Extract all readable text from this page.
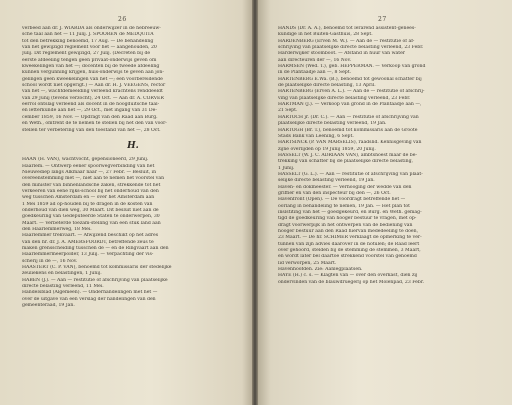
26
verbeed aan dr. J. WIARDA als onderwijzer in de hebreeuw-
sche taal aan het — 11 Julij. J. SPOOREN de MEDQUITA
tot den betrekking benoemd, 17 Aug. — De behandeling
van het gewijzigd reglement voor het — aangehouden, 20
Julij. Dit reglement gewijzigd, 27 Julij. (Decreten bij de
eerste afdeeling tengen geen privaat-onderwijs geven om
kweekelingen van het —; docenten bij de tweede afdeeling
kunnen vergunning krijgen, huis-onderwijs te geven aan jon-
gelingen geen kweekelingen van het —; een voorbereidende
school wordt niet opgerigt.) — Aan dr. H. J. VEEGENS, rector
van het —, wachtdemeelding verleend krachtens renddeeldt
van 29 Junij (tevens verzocht), 24 Oct. — Aan dr. A. CORVER
eerrol ontslag verleend als docent in de hoogduitsche taal-
en letterkunde aan het —, 29 Oct., met ingang van 31 De-
cember 1859, 16 Nov. — Opdragt van den Raad aan Burg.
en Weth., omtrent de te nemen te stellen bij het den van voor-
stellen ter verbetering van den toestand van het —, 28 Oct.
H.
HAAN (H. VAN), wachtvocht, gepensioneerd, 29 Junij.
Haarlem. — Ontwerp eener spoorwegverbinding van het
Nieuwediep langs Alkmaar naar —, 27 Febr. — Besluit, in
overeenstemming met —, niet aan te nemen het voorstel van
den minister van binnenlandsche zaken, strekkende tot het
verkeeren van eene rijks-school bij het onderhoud van den
weg tusschen Amsterdam en — over het Amsterdam aan
1 Mei 1859 ad op-houden bij te dragen in de kosten van
onderhoud van dien weg, 30 Maart. Dit besluit niet aan de
goedkeuring van Gedeputeerde Staten te onderwerpen, 30
Maart. — Verbeterde toezam-stelling van een stuk land aan
den Haarlemmerweg, 18 Mei.
Haarlemmer trekvaart. — Afwijzend beschikt op het adres
van den hr. dr. J. A. AMERSFOORDT, betreffende zeus te
maken grensscheiding tusschen de — en de Ringvaart aan den
Haarlemmermeerpolder, 13 Julij. — Verpachting der vis-
scherij in de —, 16 Nov.
HAASTERT (C. P. VAN), benoemd tot kommissaris der stedelijke
zeuliekens en belastingen, 1 Junij.
HABEN (J.). — Aan — restitutie of afschrijving van plaatselijke
directe belasting verleend, 11 Mei.
Handelsblad (Algemeen). — Onderhandelingen met het —
over de uitgave van een verslag der handelingen van den
gemeenteraad, 19 Jan.
27
HANDS (Dr. A. A.), benoemd tot lerarend assistent-genees-
kundige in het Buiten-Gasthuis, 28 Sept.
HARDENBERG (Erven M. W.). — Aan de — restitutie of af-
schrijving van plaatselijke directe belasting verleend, 23 Febr.
Harderwijker stoomboot. — Afstand in huur van water
aan directeuren der —, 16 Nov.
HARMSEN (Wed. T.), geb. HEPPERMAN. — Verkoop van grond
in de Plantaadje aan —, 8 Sept.
HARTENBERG E.Wa. (B.), benoemd tot gewoonal schatter bij
de plaatselijke directe belasting, 13 April.
HARTENBERG (Erven A. L.). — Aan de — restitutie of afschrij-
ving van plaatselijke directe belasting verleend, 23 Febr.
HARTMAN (J.). — Verkoop van grond in de Plantaadje aan —,
21 Sept.
HARTOCH jr. (Dr. C.). — Aan — restitutie of afschrijving van
plaatselijke directe belasting verleend, 19 Jan.
HARTOGH (Br. T.), benoemd tot kommissaris aan de Groote
Stads Bank van Leening, 6 Sept.
HARTSINCK (P. VAN MARSELIS), raadslid. Kennisgeving van
zijne overlijden op 19 Junij 1859, 20 Junij.
HASSELT (W. J. C. ADRIAAN VAN), ambtshoest maar de be-
trekking van schatter bij de plaatselijke directe belasting,
1 Junij.
HASSELT (G. L.). — Aan — restitutie of afschrijving van plaat-
selijke directe belasting verleend, 19 Jan.
Haven- en dokmeester. — Verhooging der wedde van den
griffier en van den inspecteur bij den —, 26 Oct.
Havenfront (Open). — De voordragt betreffende het —
oorlang in behandeling te nemen, 19 Jan. — Het plan tot
inslstiting van het — goedgekeurd, en Burg. en Weth. gemag-
tigd de goedkeuring van hooger bestuur te vragen, met op-
dragt voorwerpijk in het ontwerpen van de bediening van
hooger bestuur aan den Raad hiervan mededeeling te doen,
23 Maart. — De hr. SCHIMER verklaagt de opmerking te ver-
tunnen van zijn advies daarover in de notulen; de Raad leert
over gehoord, stelden bij de stemming de stemmen, 3 Maart,
en wordt later bel daartoe strekkend voorstel van genoemd
lid verworpen, 25 Maart.
Havenhoofden. Zie: Aanlegplaatsen.
HAYE (H.) c. s. — Klagten van — over den overkast, dien zij
ondervinden van de blauwdruegerij op het Molenpad, 23 Febr.
